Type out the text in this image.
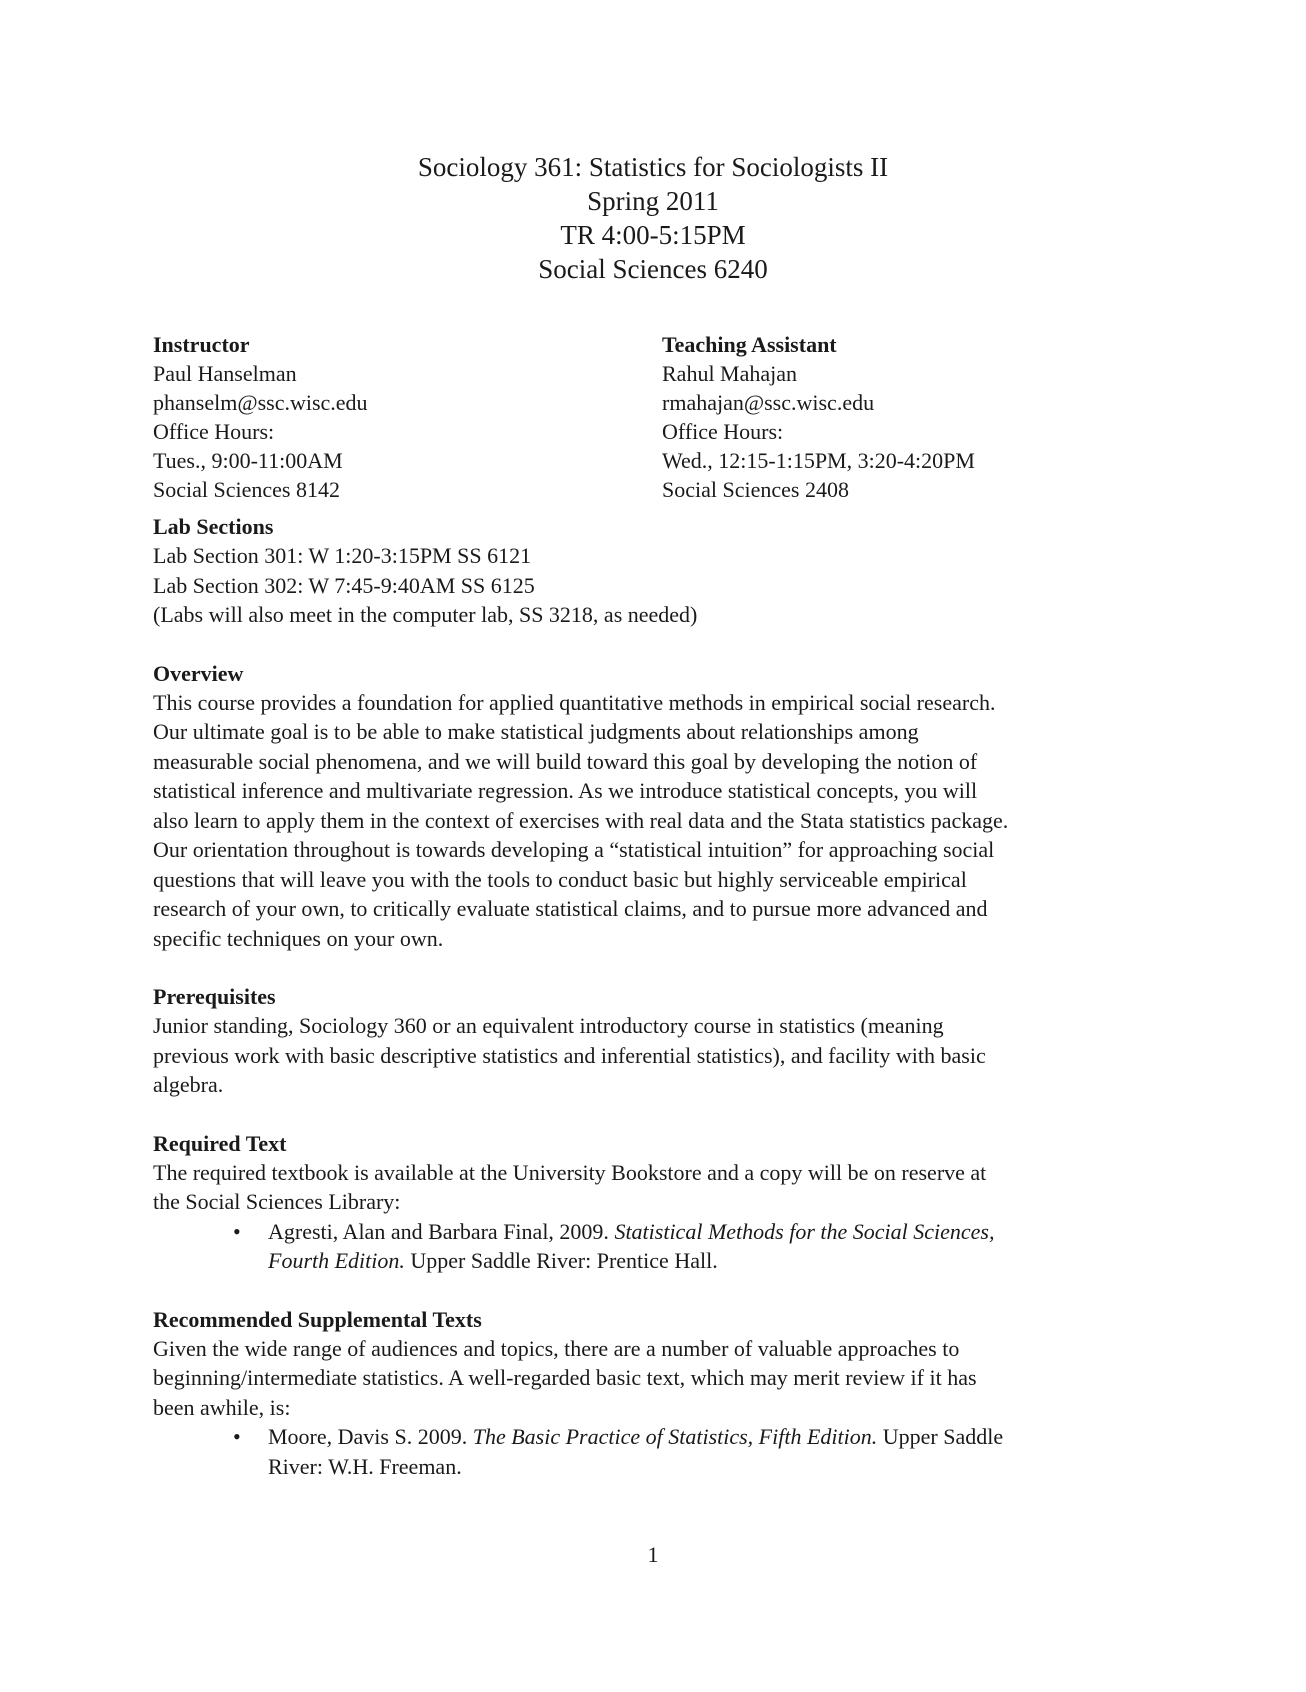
Sociology 361: Statistics for Sociologists II
Spring 2011
TR 4:00-5:15PM
Social Sciences 6240
Instructor
Paul Hanselman
phanselm@ssc.wisc.edu
Office Hours:
Tues., 9:00-11:00AM
Social Sciences 8142
Teaching Assistant
Rahul Mahajan
rmahajan@ssc.wisc.edu
Office Hours:
Wed., 12:15-1:15PM, 3:20-4:20PM
Social Sciences 2408
Lab Sections
Lab Section 301: W 1:20-3:15PM SS 6121
Lab Section 302: W 7:45-9:40AM SS 6125
(Labs will also meet in the computer lab, SS 3218, as needed)
Overview
This course provides a foundation for applied quantitative methods in empirical social research.
Our ultimate goal is to be able to make statistical judgments about relationships among
measurable social phenomena, and we will build toward this goal by developing the notion of
statistical inference and multivariate regression. As we introduce statistical concepts, you will
also learn to apply them in the context of exercises with real data and the Stata statistics package.
Our orientation throughout is towards developing a “statistical intuition” for approaching social
questions that will leave you with the tools to conduct basic but highly serviceable empirical
research of your own, to critically evaluate statistical claims, and to pursue more advanced and
specific techniques on your own.
Prerequisites
Junior standing, Sociology 360 or an equivalent introductory course in statistics (meaning
previous work with basic descriptive statistics and inferential statistics), and facility with basic
algebra.
Required Text
The required textbook is available at the University Bookstore and a copy will be on reserve at
the Social Sciences Library:
• Agresti, Alan and Barbara Final, 2009. Statistical Methods for the Social Sciences,
Fourth Edition. Upper Saddle River: Prentice Hall.
Recommended Supplemental Texts
Given the wide range of audiences and topics, there are a number of valuable approaches to
beginning/intermediate statistics. A well-regarded basic text, which may merit review if it has
been awhile, is:
• Moore, Davis S. 2009. The Basic Practice of Statistics, Fifth Edition. Upper Saddle
River: W.H. Freeman.
1
